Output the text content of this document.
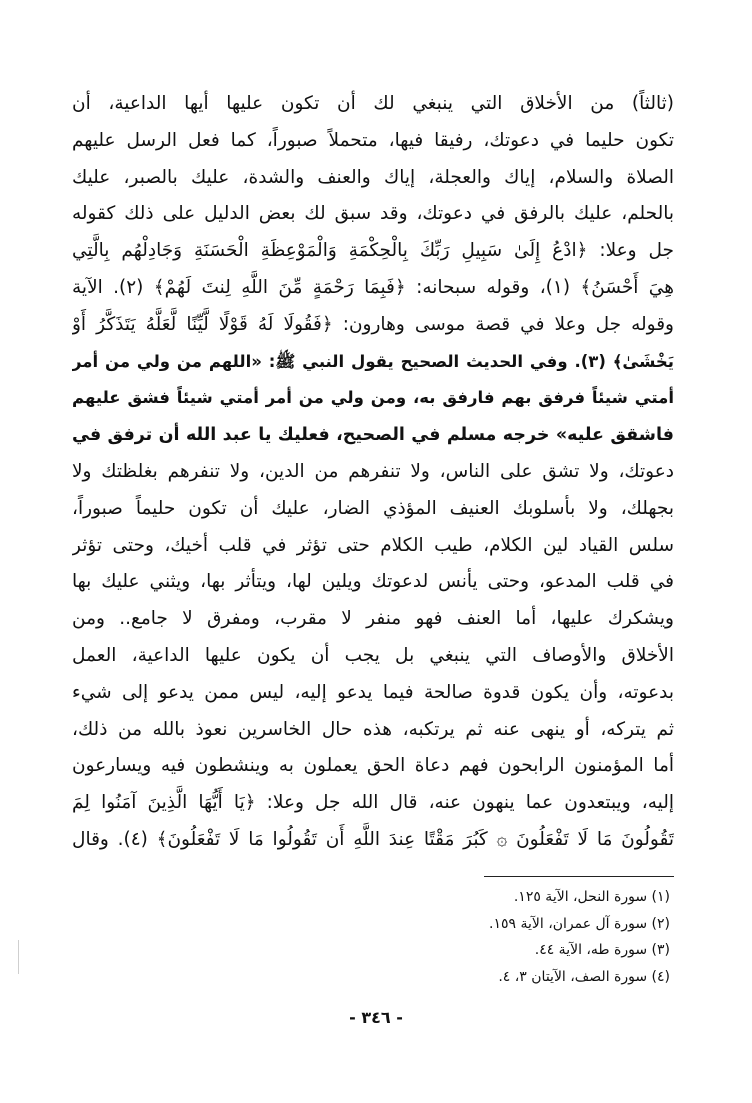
(ثالثاً) من الأخلاق التي ينبغي لك أن تكون عليها أيها الداعية، أن
تكون حليما في دعوتك، رفيقا فيها، متحملاً صبوراً، كما فعل الرسل عليهم
الصلاة والسلام، إياك والعجلة، إياك والعنف والشدة، عليك بالصبر، عليك
بالحلم، عليك بالرفق في دعوتك، وقد سبق لك بعض الدليل على ذلك كقوله
جل وعلا: ﴿ادْعُ إِلَىٰ سَبِيلِ رَبِّكَ بِالْحِكْمَةِ وَالْمَوْعِظَةِ الْحَسَنَةِ وَجَادِلْهُم بِالَّتِي
هِيَ أَحْسَنُ﴾ (١)، وقوله سبحانه: ﴿فَبِمَا رَحْمَةٍ مِّنَ اللَّهِ لِنتَ لَهُمْ﴾ (٢). الآية
وقوله جل وعلا في قصة موسى وهارون: ﴿فَقُولَا لَهُ قَوْلًا لَّيِّنًا لَّعَلَّهُ يَتَذَكَّرُ أَوْ
يَخْشَىٰ﴾ (٣). وفي الحديث الصحيح يقول النبي ﷺ: «اللهم من ولي من أمر
أمتي شيئاً فرفق بهم فارفق به، ومن ولي من أمر أمتي شيئاً فشق عليهم
فاشقق عليه» خرجه مسلم في الصحيح، فعليك يا عبد الله أن ترفق في
دعوتك، ولا تشق على الناس، ولا تنفرهم من الدين، ولا تنفرهم بغلظتك ولا
بجهلك، ولا بأسلوبك العنيف المؤذي الضار، عليك أن تكون حليماً صبوراً،
سلس القياد لين الكلام، طيب الكلام حتى تؤثر في قلب أخيك، وحتى تؤثر
في قلب المدعو، وحتى يأنس لدعوتك ويلين لها، ويتأثر بها، ويثني عليك بها
ويشكرك عليها، أما العنف فهو منفر لا مقرب، ومفرق لا جامع.. ومن
الأخلاق والأوصاف التي ينبغي بل يجب أن يكون عليها الداعية، العمل
بدعوته، وأن يكون قدوة صالحة فيما يدعو إليه، ليس ممن يدعو إلى شيء
ثم يتركه، أو ينهى عنه ثم يرتكبه، هذه حال الخاسرين نعوذ بالله من ذلك،
أما المؤمنون الرابحون فهم دعاة الحق يعملون به وينشطون فيه ويسارعون
إليه، ويبتعدون عما ينهون عنه، قال الله جل وعلا: ﴿يَا أَيُّهَا الَّذِينَ آمَنُوا لِمَ
تَقُولُونَ مَا لَا تَفْعَلُونَ ۞ كَبُرَ مَقْتًا عِندَ اللَّهِ أَن تَقُولُوا مَا لَا تَفْعَلُونَ﴾ (٤). وقال
(١) سورة النحل، الآية ١٢٥.
(٢) سورة آل عمران، الآية ١٥٩.
(٣) سورة طه، الآية ٤٤.
(٤) سورة الصف، الآيتان ٣، ٤.
- ٣٤٦ -
